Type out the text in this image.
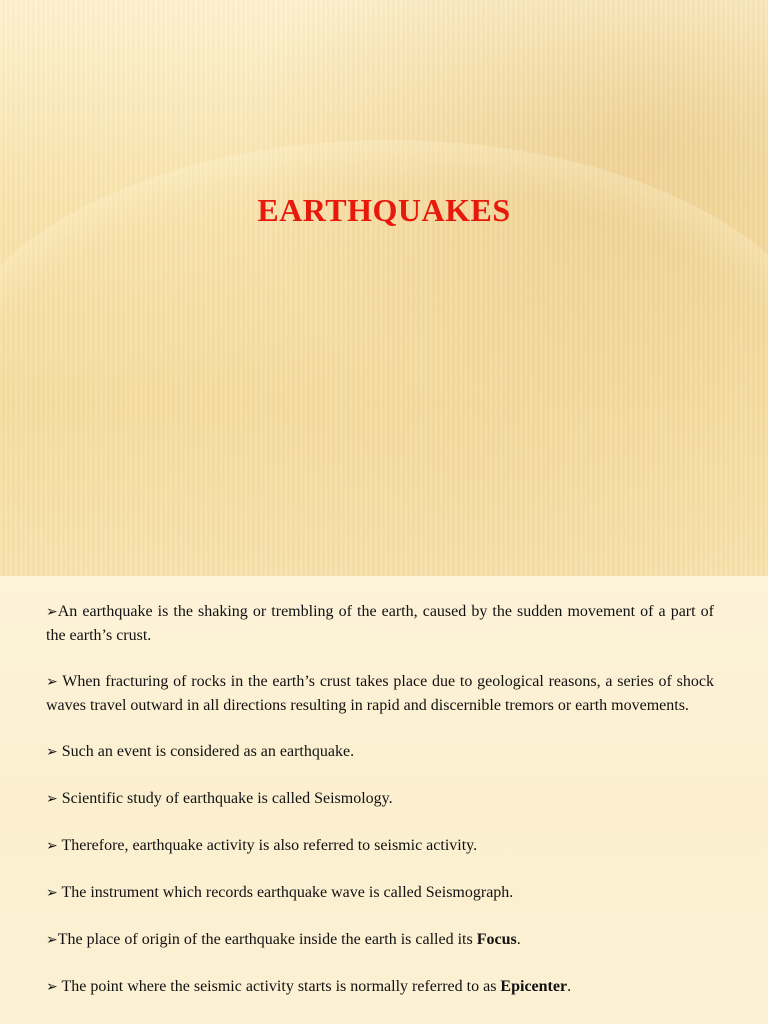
EARTHQUAKES

➢An earthquake is the shaking or trembling of the earth, caused by the sudden movement of a part of the earth’s crust.

➢ When fracturing of rocks in the earth’s crust takes place due to geological reasons, a series of shock waves travel outward in all directions resulting in rapid and discernible tremors or earth movements.

➢ Such an event is considered as an earthquake.

➢ Scientific study of earthquake is called Seismology.

➢ Therefore, earthquake activity is also referred to seismic activity.

➢ The instrument which records earthquake wave is called Seismograph.

➢The place of origin of the earthquake inside the earth is called its Focus.

➢ The point where the seismic activity starts is normally referred to as Epicenter.
